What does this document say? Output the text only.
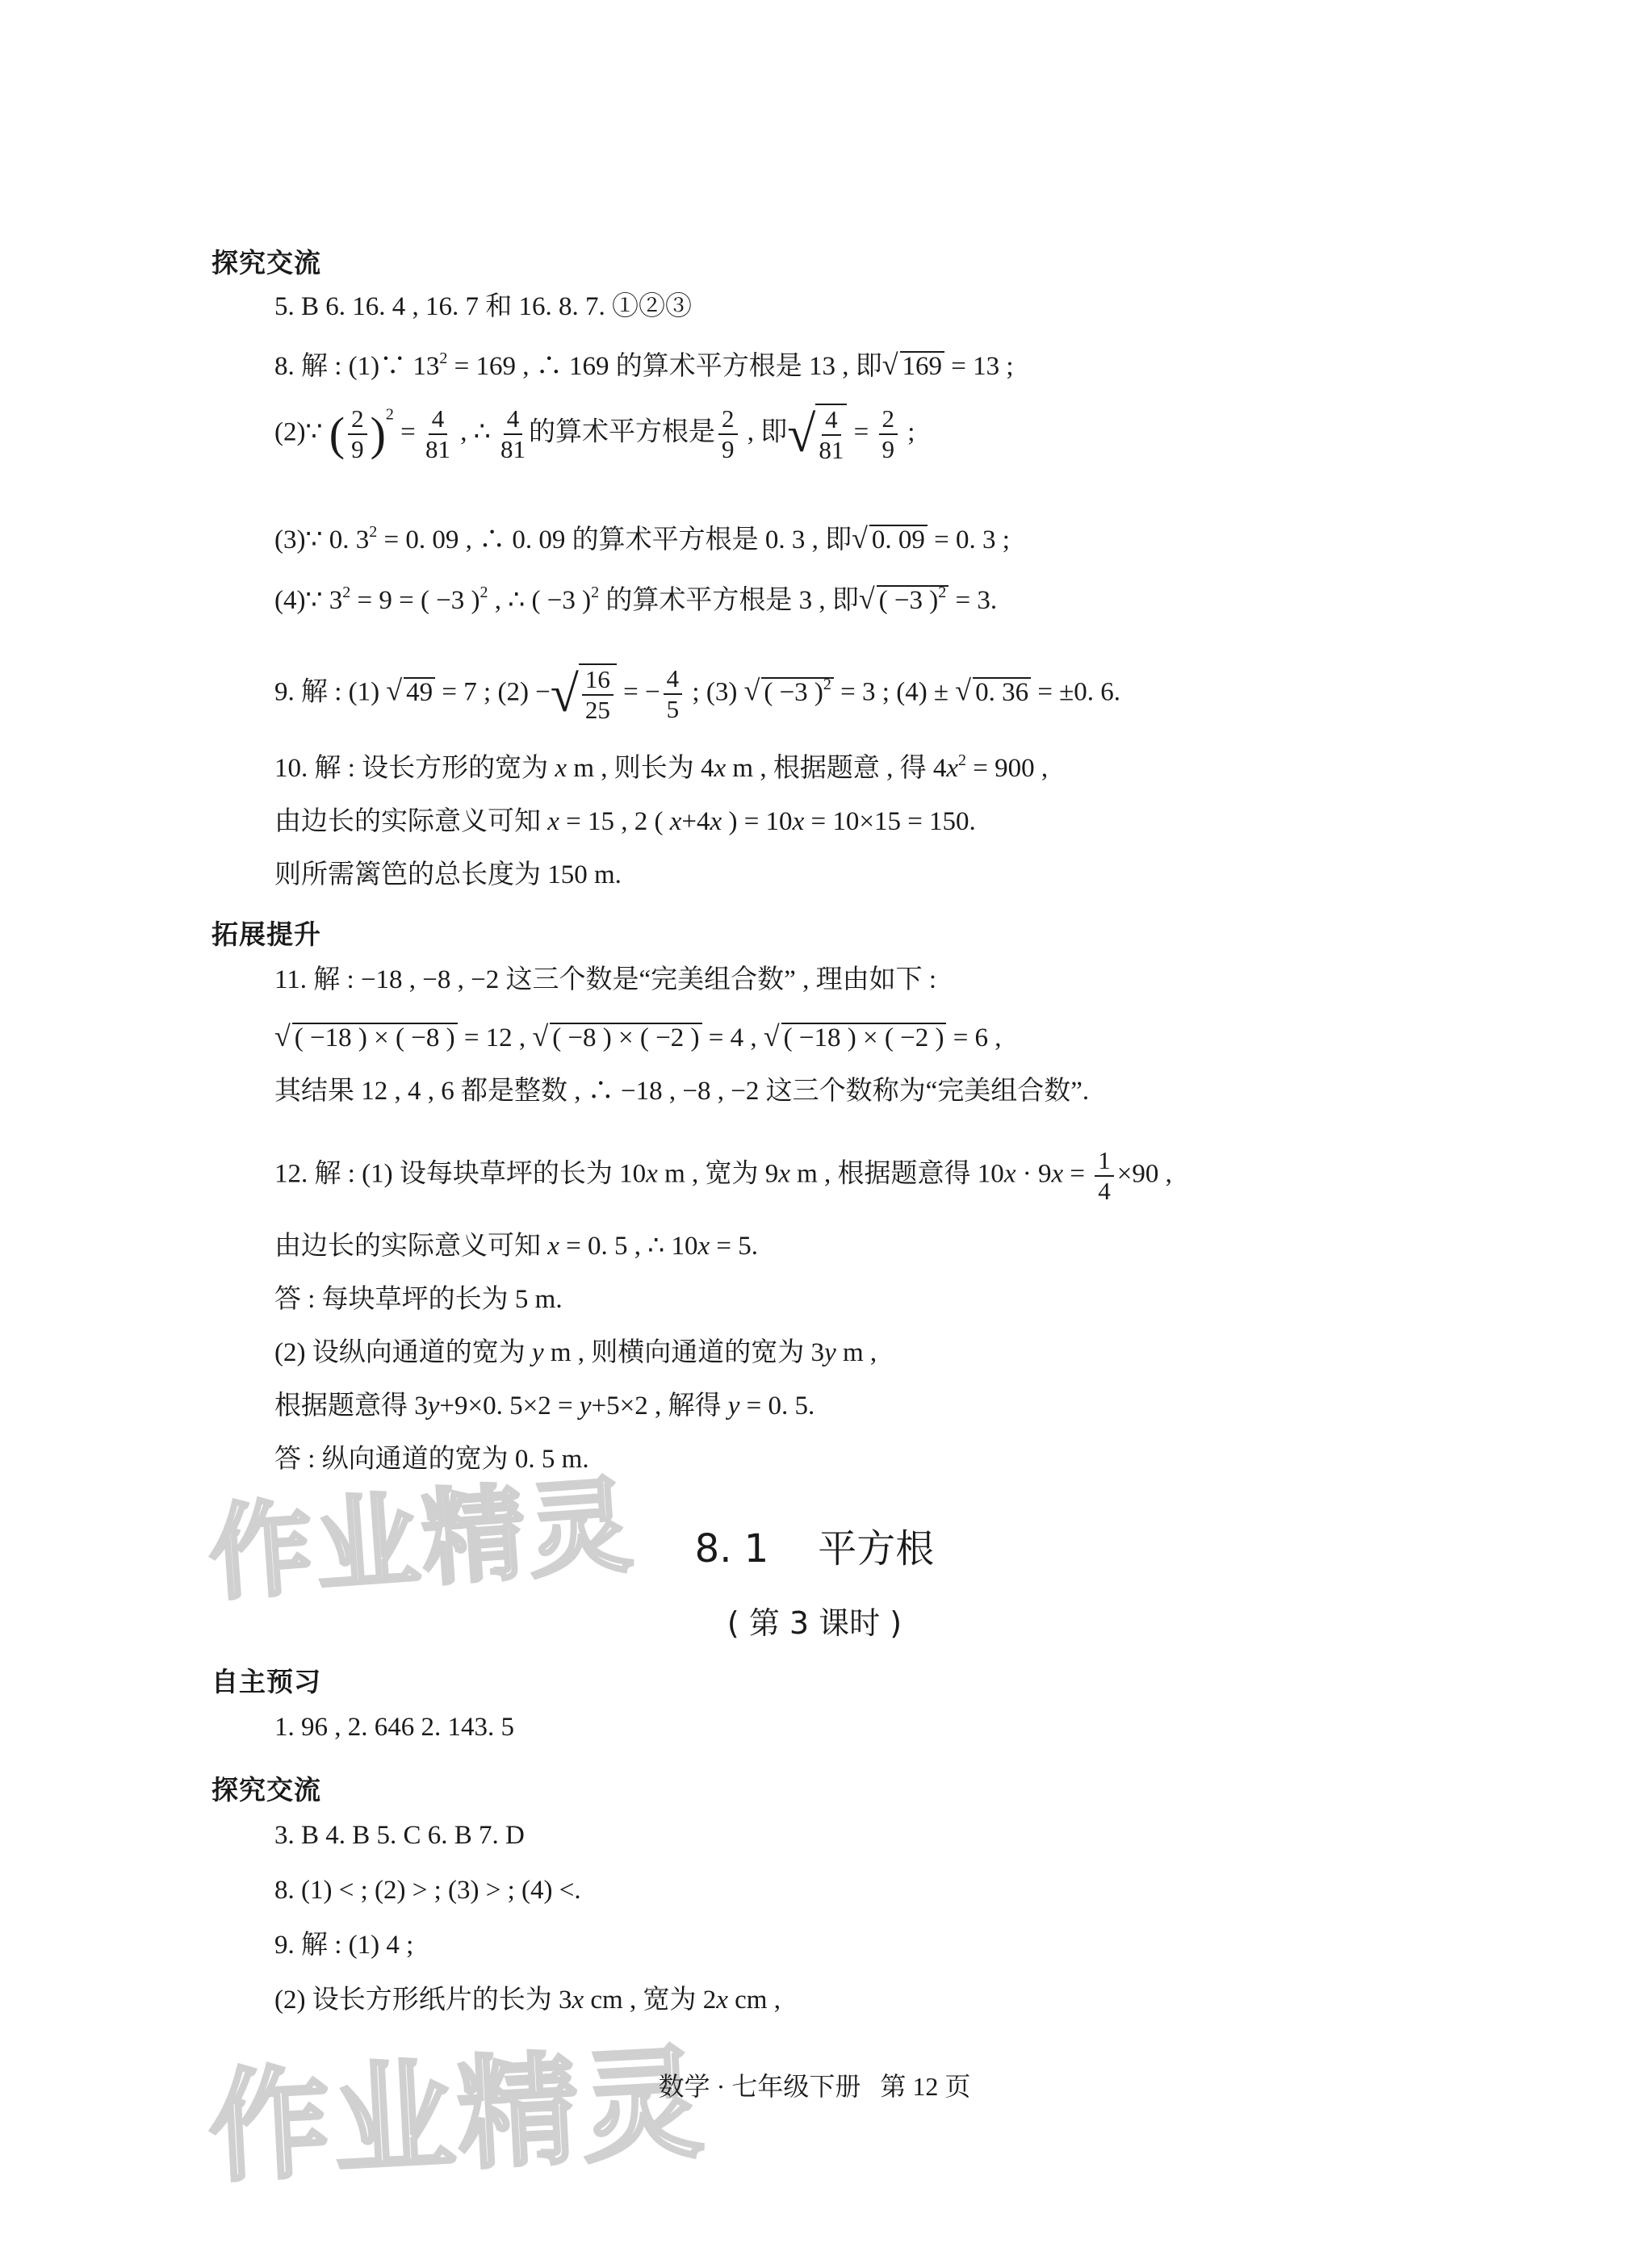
探究交流
5. B 6. 16. 4 , 16. 7 和 16. 8. 7. ①②③
8. 解 : (1)∵ $13^2 = 169$ , ∴ 169 的算术平方根是 13 , 即√ 169 = 13 ;
(2)∵ ( $\frac{2}{9} )^2 = \frac{4}{81}$ , ∴ $\frac{4}{81}$ 的算术平方根是 $\frac{2}{9}$ , 即 √ $\frac{4}{81} = \frac{2}{9}$ ;
(3)∵ 0. $3^2 = 0$. 09 , ∴ 0. 09 的算术平方根是 0. 3 , 即√ 0. 09 = 0. 3 ;
(4)∵ $3^2 = 9$ = ( −3 )$^2$ , ∴ ( −3 )$^2$ 的算术平方根是 3 , 即√ ( −3 )$^2$ = 3.
9. 解 : (1) √ 49 = 7 ; (2) − √ $\frac{16}{25}$ = − $\frac{4}{5}$ ; (3) √ ( −3 )$^2$ = 3 ; (4) ± √ 0. 36 = ±0. 6.
10. 解 : 设长方形的宽为 x m , 则长为 4x m , 根据题意 , 得 $4x^2 = 900$ ,
由边长的实际意义可知 x = 15 , 2 ( x+4x ) = 10x = 10×15 = 150.
则所需篱笆的总长度为 150 m.
拓展提升
11. 解 : −18 , −8 , −2 这三个数是“完美组合数” , 理由如下 :
√ ( −18 ) × ( −8 ) = 12 , √ ( −8 ) × ( −2 ) = 4 , √ ( −18 ) × ( −2 ) = 6 ,
其结果 12 , 4 , 6 都是整数 , ∴ −18 , −8 , −2 这三个数称为“完美组合数”.
12. 解 : (1) 设每块草坪的长为 10x m , 宽为 9x m , 根据题意得 $10x \cdot 9x = \frac{1}{4} \times 90$ ,
由边长的实际意义可知 x = 0. 5 , ∴ 10x = 5.
答 : 每块草坪的长为 5 m.
(2) 设纵向通道的宽为 y m , 则横向通道的宽为 3y m ,
根据题意得 3y+9×0. 5×2 = y+5×2 , 解得 y = 0. 5.
答 : 纵向通道的宽为 0. 5 m.
作业精灵	8. 1    平方根
( 第 3 课时 )
自主预习
1. 96 , 2. 646 2. 143. 5
探究交流
3. B 4. B 5. C 6. B 7. D
8. (1) < ; (2) > ; (3) > ; (4) <.
9. 解 : (1) 4 ;
(2) 设长方形纸片的长为 3x cm , 宽为 2x cm ,
作业精灵
数学 · 七年级下册   第 12 页
